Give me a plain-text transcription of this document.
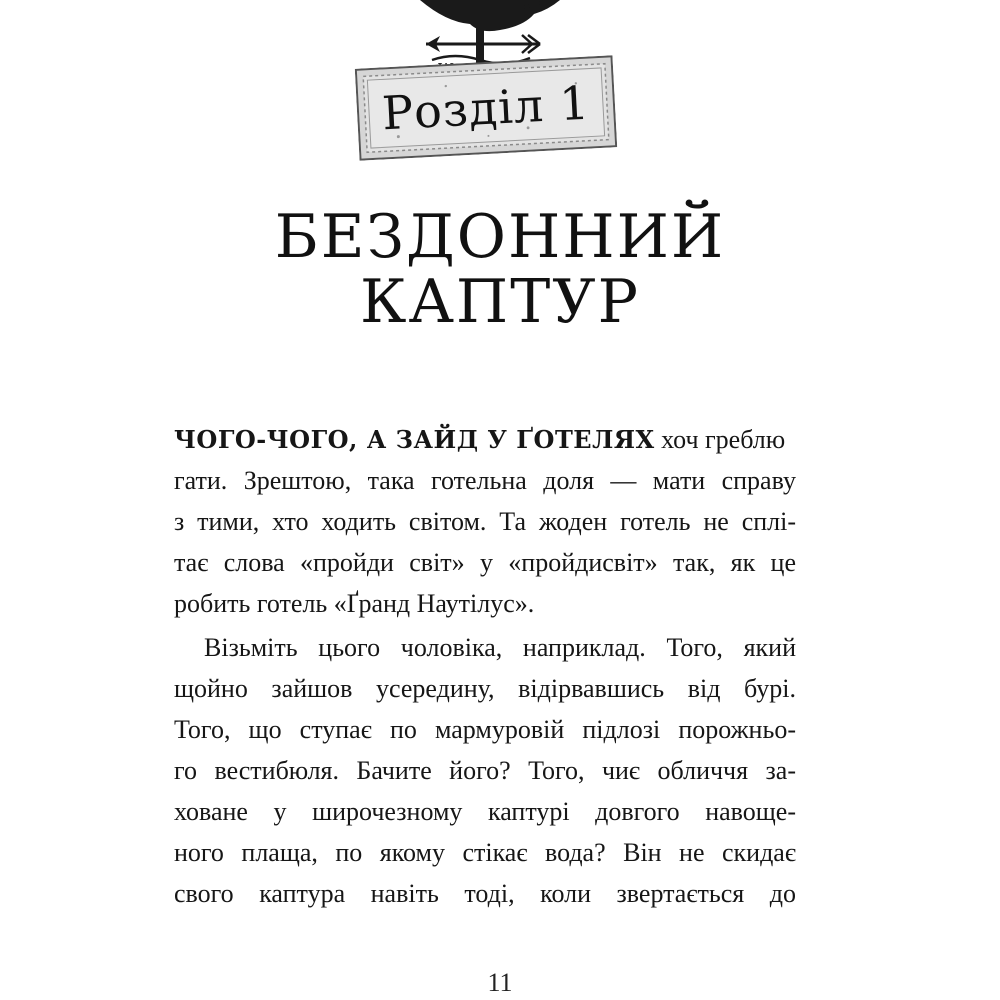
Розділ 1
БЕЗДОННИЙ
КАПТУР
ЧОГО-ЧОГО, А ЗАЙД У ҐОТЕЛЯХ хоч греблю
гати. Зрештою, така готельна доля — мати справу
з тими, хто ходить світом. Та жоден готель не сплі-
тає слова «пройди світ» у «пройдисвіт» так, як це
робить готель «Ґранд Наутілус».
Візьміть цього чоловіка, наприклад. Того, який
щойно зайшов усередину, відірвавшись від бурі.
Того, що ступає по мармуровій підлозі порожньо-
го вестибюля. Бачите його? Того, чиє обличчя за-
ховане у широчезному каптурі довгого навоще-
ного плаща, по якому стікає вода? Він не скидає
свого каптура навіть тоді, коли звертається до
11
